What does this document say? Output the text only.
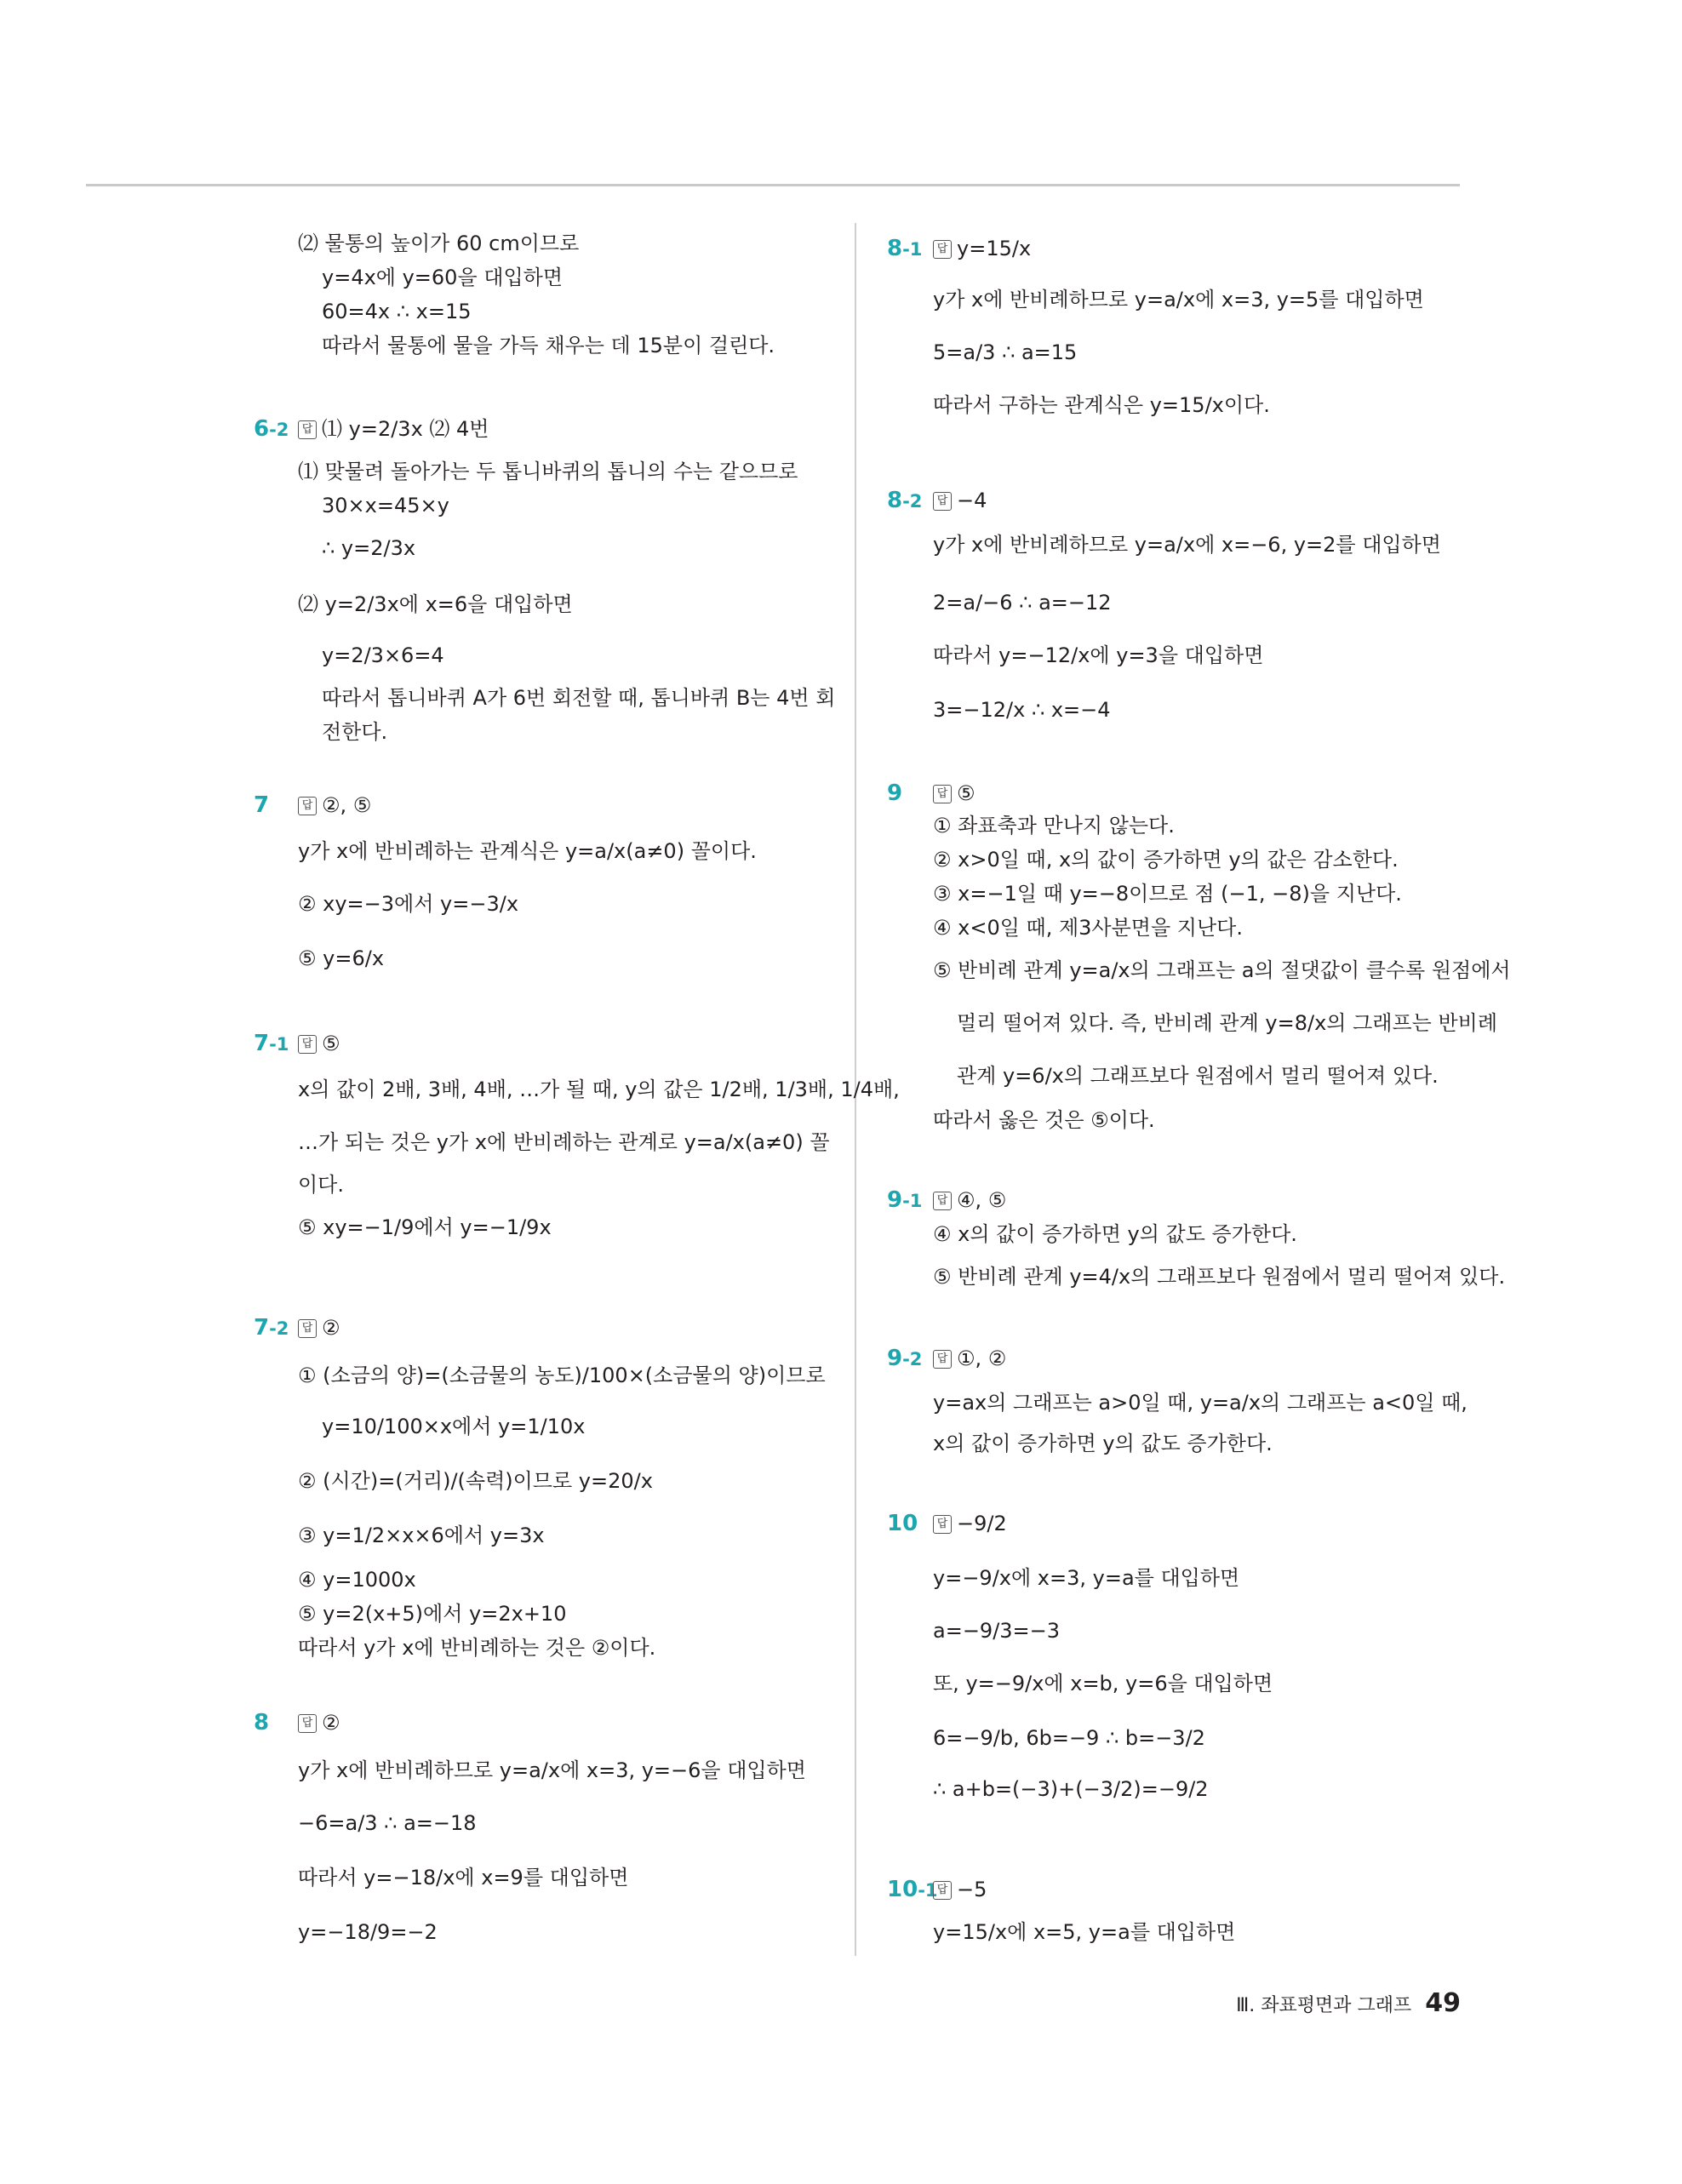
⑵ 물통의 높이가 60 cm이므로
y=4x에 y=60을 대입하면
60=4x ∴ x=15
따라서 물통에 물을 가득 채우는 데 15분이 걸린다.
6-2	답 ⑴ y=2/3x ⑵ 4번
⑴ 맞물려 돌아가는 두 톱니바퀴의 톱니의 수는 같으므로
30×x=45×y
∴ y=2/3x
⑵ y=2/3x에 x=6을 대입하면
y=2/3×6=4
따라서 톱니바퀴 A가 6번 회전할 때, 톱니바퀴 B는 4번 회
전한다.
7	답 ②, ⑤
y가 x에 반비례하는 관계식은 y=a/x(a≠0) 꼴이다.
② xy=−3에서 y=−3/x
⑤ y=6/x
7-1	답 ⑤
x의 값이 2배, 3배, 4배, …가 될 때, y의 값은 1/2배, 1/3배, 1/4배,
…가 되는 것은 y가 x에 반비례하는 관계로 y=a/x(a≠0) 꼴
이다.
⑤ xy=−1/9에서 y=−1/9x
7-2	답 ②
① (소금의 양)=(소금물의 농도)/100×(소금물의 양)이므로
y=10/100×x에서 y=1/10x
② (시간)=(거리)/(속력)이므로 y=20/x
③ y=1/2×x×6에서 y=3x
④ y=1000x
⑤ y=2(x+5)에서 y=2x+10
따라서 y가 x에 반비례하는 것은 ②이다.
8	답 ②
y가 x에 반비례하므로 y=a/x에 x=3, y=−6을 대입하면
−6=a/3 ∴ a=−18
따라서 y=−18/x에 x=9를 대입하면
y=−18/9=−2
8-1	답 y=15/x
y가 x에 반비례하므로 y=a/x에 x=3, y=5를 대입하면
5=a/3 ∴ a=15
따라서 구하는 관계식은 y=15/x이다.
8-2	답 −4
y가 x에 반비례하므로 y=a/x에 x=−6, y=2를 대입하면
2=a/−6 ∴ a=−12
따라서 y=−12/x에 y=3을 대입하면
3=−12/x ∴ x=−4
9	답 ⑤
① 좌표축과 만나지 않는다.
② x>0일 때, x의 값이 증가하면 y의 값은 감소한다.
③ x=−1일 때 y=−8이므로 점 (−1, −8)을 지난다.
④ x<0일 때, 제3사분면을 지난다.
⑤ 반비례 관계 y=a/x의 그래프는 a의 절댓값이 클수록 원점에서
멀리 떨어져 있다. 즉, 반비례 관계 y=8/x의 그래프는 반비례
관계 y=6/x의 그래프보다 원점에서 멀리 떨어져 있다.
따라서 옳은 것은 ⑤이다.
9-1	답 ④, ⑤
④ x의 값이 증가하면 y의 값도 증가한다.
⑤ 반비례 관계 y=4/x의 그래프보다 원점에서 멀리 떨어져 있다.
9-2	답 ①, ②
y=ax의 그래프는 a>0일 때, y=a/x의 그래프는 a<0일 때,
x의 값이 증가하면 y의 값도 증가한다.
10	답 −9/2
y=−9/x에 x=3, y=a를 대입하면
a=−9/3=−3
또, y=−9/x에 x=b, y=6을 대입하면
6=−9/b, 6b=−9 ∴ b=−3/2
∴ a+b=(−3)+(−3/2)=−9/2
10-1 답 −5
y=15/x에 x=5, y=a를 대입하면
Ⅲ. 좌표평면과 그래프 49
